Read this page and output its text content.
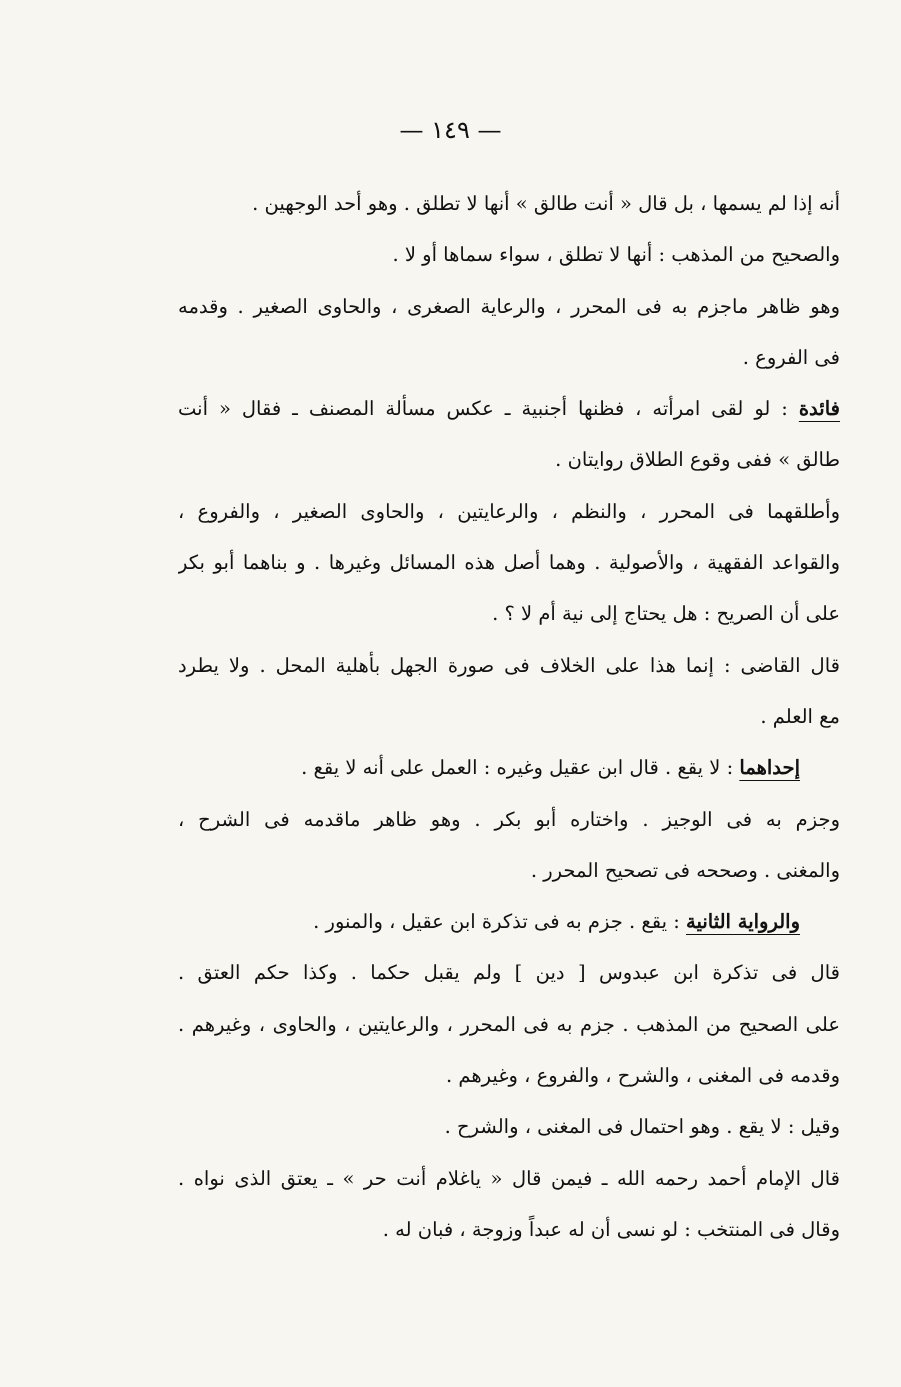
— ١٤٩ —
أنه إذا لم يسمها ، بل قال « أنت طالق » أنها لا تطلق . وهو أحد الوجهين .
والصحيح من المذهب : أنها لا تطلق ، سواء سماها أو لا .
وهو ظاهر ماجزم به فى المحرر ، والرعاية الصغرى ، والحاوى الصغير . وقدمه
فى الفروع .
فائدة : لو لقى امرأته ، فظنها أجنبية ـ عكس مسألة المصنف ـ فقال « أنت
طالق » ففى وقوع الطلاق روايتان .
وأطلقهما فى المحرر ، والنظم ، والرعايتين ، والحاوى الصغير ، والفروع ،
والقواعد الفقهية ، والأصولية . وهما أصل هذه المسائل وغيرها . و بناهما أبو بكر
على أن الصريح : هل يحتاج إلى نية أم لا ؟ .
قال القاضى : إنما هذا على الخلاف فى صورة الجهل بأهلية المحل . ولا يطرد
مع العلم .
إحداهما : لا يقع . قال ابن عقيل وغيره : العمل على أنه لا يقع .
وجزم به فى الوجيز . واختاره أبو بكر . وهو ظاهر ماقدمه فى الشرح ،
والمغنى . وصححه فى تصحيح المحرر .
والرواية الثانية : يقع . جزم به فى تذكرة ابن عقيل ، والمنور .
قال فى تذكرة ابن عبدوس [ دين ] ولم يقبل حكما . وكذا حكم العتق .
على الصحيح من المذهب . جزم به فى المحرر ، والرعايتين ، والحاوى ، وغيرهم .
وقدمه فى المغنى ، والشرح ، والفروع ، وغيرهم .
وقيل : لا يقع . وهو احتمال فى المغنى ، والشرح .
قال الإمام أحمد رحمه الله ـ فيمن قال « ياغلام أنت حر » ـ يعتق الذى نواه .
وقال فى المنتخب : لو نسى أن له عبداً وزوجة ، فبان له .
